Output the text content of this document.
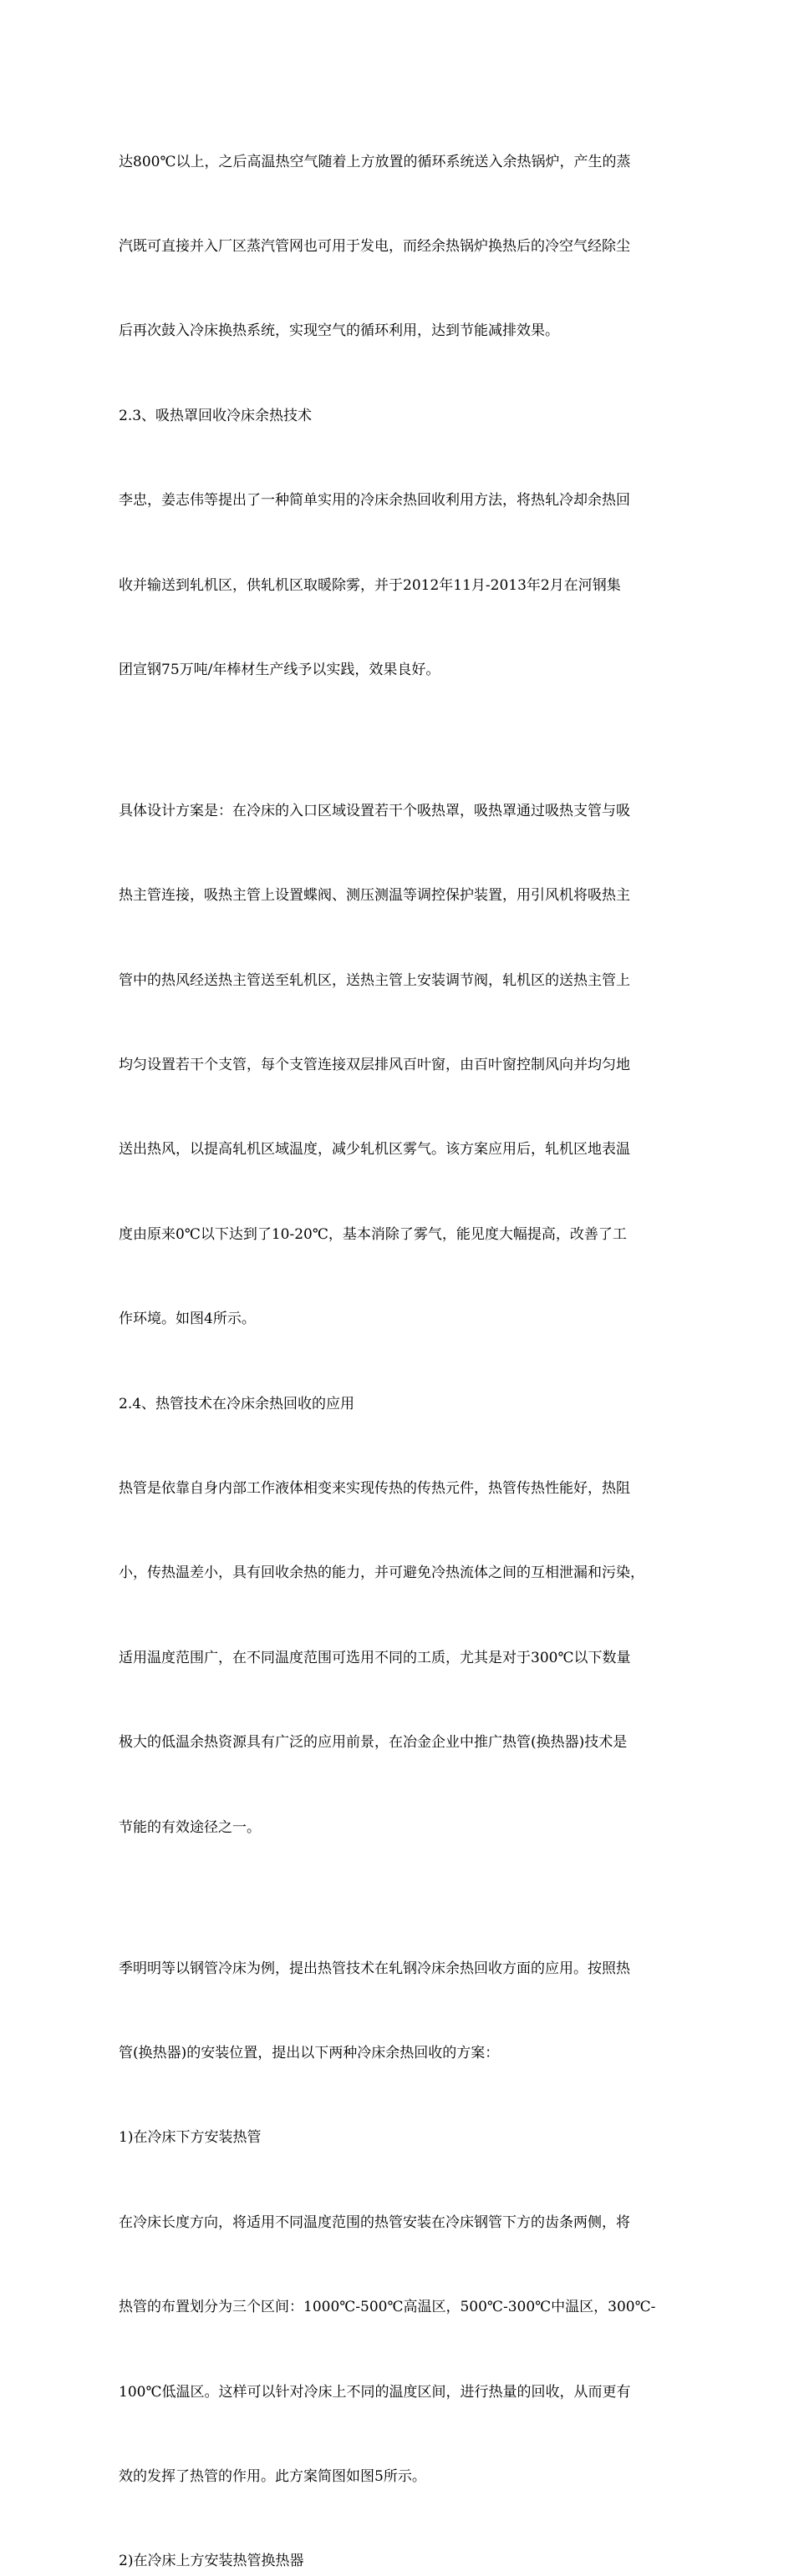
达800℃以上，之后高温热空气随着上方放置的循环系统送入余热锅炉，产生的蒸

汽既可直接并入厂区蒸汽管网也可用于发电，而经余热锅炉换热后的冷空气经除尘

后再次鼓入冷床换热系统，实现空气的循环利用，达到节能减排效果。

2.3、吸热罩回收冷床余热技术

李忠，姜志伟等提出了一种简单实用的冷床余热回收利用方法，将热轧冷却余热回

收并输送到轧机区，供轧机区取暖除雾，并于2012年11月-2013年2月在河钢集

团宣钢75万吨/年棒材生产线予以实践，效果良好。

具体设计方案是：在冷床的入口区域设置若干个吸热罩，吸热罩通过吸热支管与吸

热主管连接，吸热主管上设置蝶阀、测压测温等调控保护装置，用引风机将吸热主

管中的热风经送热主管送至轧机区，送热主管上安装调节阀，轧机区的送热主管上

均匀设置若干个支管，每个支管连接双层排风百叶窗，由百叶窗控制风向并均匀地

送出热风，以提高轧机区域温度，减少轧机区雾气。该方案应用后，轧机区地表温

度由原来0℃以下达到了10-20℃，基本消除了雾气，能见度大幅提高，改善了工

作环境。如图4所示。

2.4、热管技术在冷床余热回收的应用

热管是依靠自身内部工作液体相变来实现传热的传热元件，热管传热性能好，热阻

小，传热温差小，具有回收余热的能力，并可避免冷热流体之间的互相泄漏和污染，

适用温度范围广，在不同温度范围可选用不同的工质，尤其是对于300℃以下数量

极大的低温余热资源具有广泛的应用前景，在冶金企业中推广热管(换热器)技术是

节能的有效途径之一。

季明明等以钢管冷床为例，提出热管技术在轧钢冷床余热回收方面的应用。按照热

管(换热器)的安装位置，提出以下两种冷床余热回收的方案：

1)在冷床下方安装热管

在冷床长度方向，将适用不同温度范围的热管安装在冷床钢管下方的齿条两侧，将

热管的布置划分为三个区间：1000℃-500℃高温区，500℃-300℃中温区，300℃-

100℃低温区。这样可以针对冷床上不同的温度区间，进行热量的回收，从而更有

效的发挥了热管的作用。此方案简图如图5所示。

2)在冷床上方安装热管换热器
